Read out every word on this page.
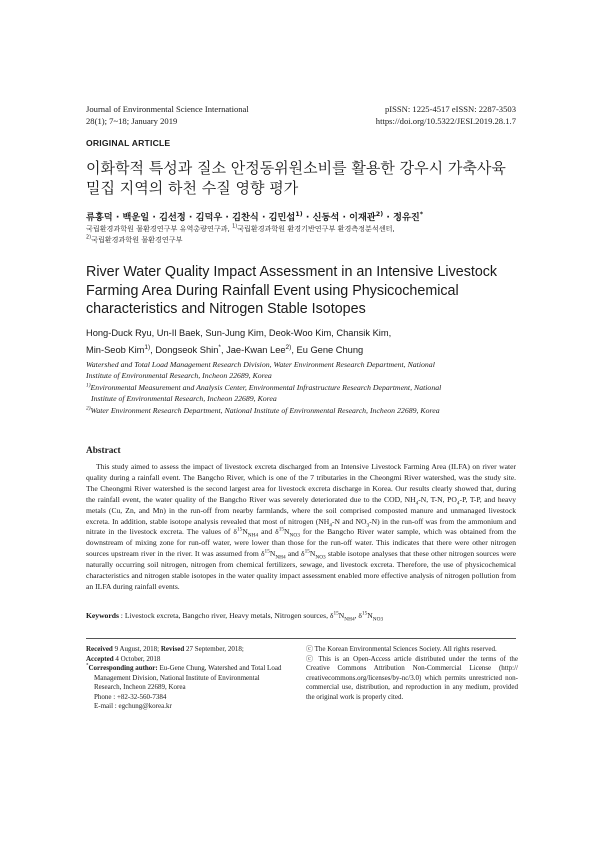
Journal of Environmental Science International
28(1); 7~18; January 2019
pISSN: 1225-4517 eISSN: 2287-3503
https://doi.org/10.5322/JESI.2019.28.1.7
ORIGINAL ARTICLE
이화학적 특성과 질소 안정동위원소비를 활용한 강우시 가축사육
밀집 지역의 하천 수질 영향 평가
류홍덕 · 백운일 · 김선정 · 김덕우 · 김찬식 · 김민섭$^{1)}$ · 신동석 · 이재관$^{2)}$ · 정유진*
국립환경과학원 물환경연구부 유역총량연구과, $^{1)}$국립환경과학원 환경기반연구부 환경측정분석센터,
$^{2)}$국립환경과학원 물환경연구부
River Water Quality Impact Assessment in an Intensive Livestock
Farming Area During Rainfall Event using Physicochemical
characteristics and Nitrogen Stable Isotopes
Hong-Duck Ryu, Un-Il Baek, Sun-Jung Kim, Deok-Woo Kim, Chansik Kim,
Min-Seob Kim$^{1)}$, Dongseok Shin*, Jae-Kwan Lee$^{2)}$, Eu Gene Chung

Watershed and Total Load Management Research Division, Water Environment Research Department, National
Institute of Environmental Research, Incheon 22689, Korea

$^{1)}$Environmental Measurement and Analysis Center, Environmental Infrastructure Research Department, National
Institute of Environmental Research, Incheon 22689, Korea

$^{2)}$Water Environment Research Department, National Institute of Environmental Research, Incheon 22689, Korea

Abstract
This study aimed to assess the impact of livestock excreta discharged from an Intensive Livestock Farming Area (ILFA) on river water quality during a rainfall event. The Bangcho River, which is one of the 7 tributaries in the Cheongmi River watershed, was the study site. The Cheongmi River watershed is the second largest area for livestock excreta discharge in Korea. Our results clearly showed that, during the rainfall event, the water quality of the Bangcho River was severely deteriorated due to the COD, $NH_4-N$, T-N, $PO_4-P$, T-P, and heavy metals (Cu, Zn, and Mn) in the run-off from nearby farmlands, where the soil comprised composted manure and unmanaged livestock excreta. In addition, stable isotope analysis revealed that most of nitrogen ($NH_4-N$ and $NO_3-N$) in the run-off was from the ammonium and nitrate in the livestock excreta. The values of $\delta^{15}N_{NH4}$ and $\delta^{15}N_{NO3}$ for the Bangcho River water sample, which was obtained from the downstream of mixing zone for run-off water, were lower than those for the run-off water. This indicates that there were other nitrogen sources upstream river in the river. It was assumed from $\delta^{15}N_{NH4}$ and $\delta^{15}N_{NO3}$ stable isotope analyses that these other nitrogen sources were naturally occurring soil nitrogen, nitrogen from chemical fertilizers, sewage, and livestock excreta. Therefore, the use of physicochemical characteristics and nitrogen stable isotopes in the water quality impact assessment enabled more effective analysis of nitrogen pollution from an ILFA during rainfall events.
Keywords : Livestock excreta, Bangcho river, Heavy metals, Nitrogen sources, $\delta^{15}N_{NH4}$, $\delta^{15}N_{NO3}$
Received 9 August, 2018; Revised 27 September, 2018;
Accepted 4 October, 2018
*Corresponding author: Eu-Gene Chung, Watershed and Total Load
Management Division, National Institute of Environmental
Research, Incheon 22689, Korea
Phone : +82-32-560-7384
E-mail : egchung@korea.kr
ⓒ The Korean Environmental Sciences Society. All rights reserved.
ⓒ This is an Open-Access article distributed under the terms of the Creative Commons Attribution Non-Commercial License (http:// creativecommons.org/licenses/by-nc/3.0) which permits unrestricted non-commercial use, distribution, and reproduction in any medium, provided the original work is properly cited.
